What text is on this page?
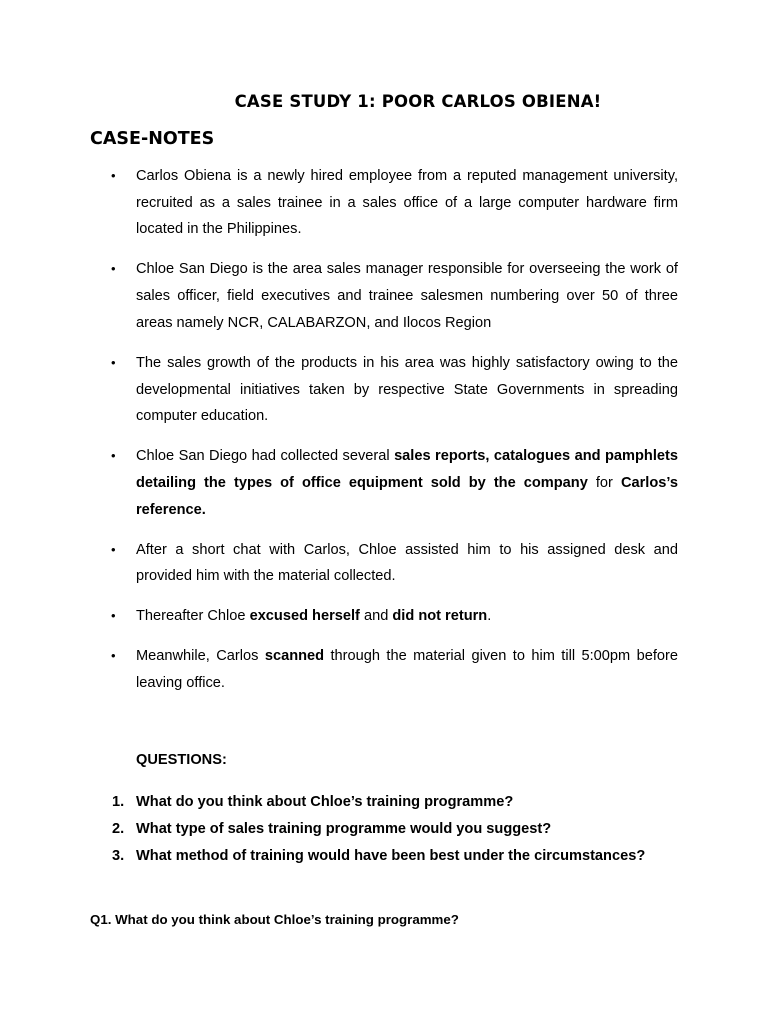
CASE STUDY 1: POOR CARLOS OBIENA!
CASE-NOTES
• Carlos Obiena is a newly hired employee from a reputed management university, recruited as a sales trainee in a sales office of a large computer hardware firm located in the Philippines.
• Chloe San Diego is the area sales manager responsible for overseeing the work of sales officer, field executives and trainee salesmen numbering over 50 of three areas namely NCR, CALABARZON, and Ilocos Region
• The sales growth of the products in his area was highly satisfactory owing to the developmental initiatives taken by respective State Governments in spreading computer education.
• Chloe San Diego had collected several sales reports, catalogues and pamphlets detailing the types of office equipment sold by the company for Carlos’s reference.
• After a short chat with Carlos, Chloe assisted him to his assigned desk and provided him with the material collected.
• Thereafter Chloe excused herself and did not return.
• Meanwhile, Carlos scanned through the material given to him till 5:00pm before leaving office.
QUESTIONS:
1. What do you think about Chloe’s training programme?
2. What type of sales training programme would you suggest?
3. What method of training would have been best under the circumstances?
Q1. What do you think about Chloe’s training programme?
